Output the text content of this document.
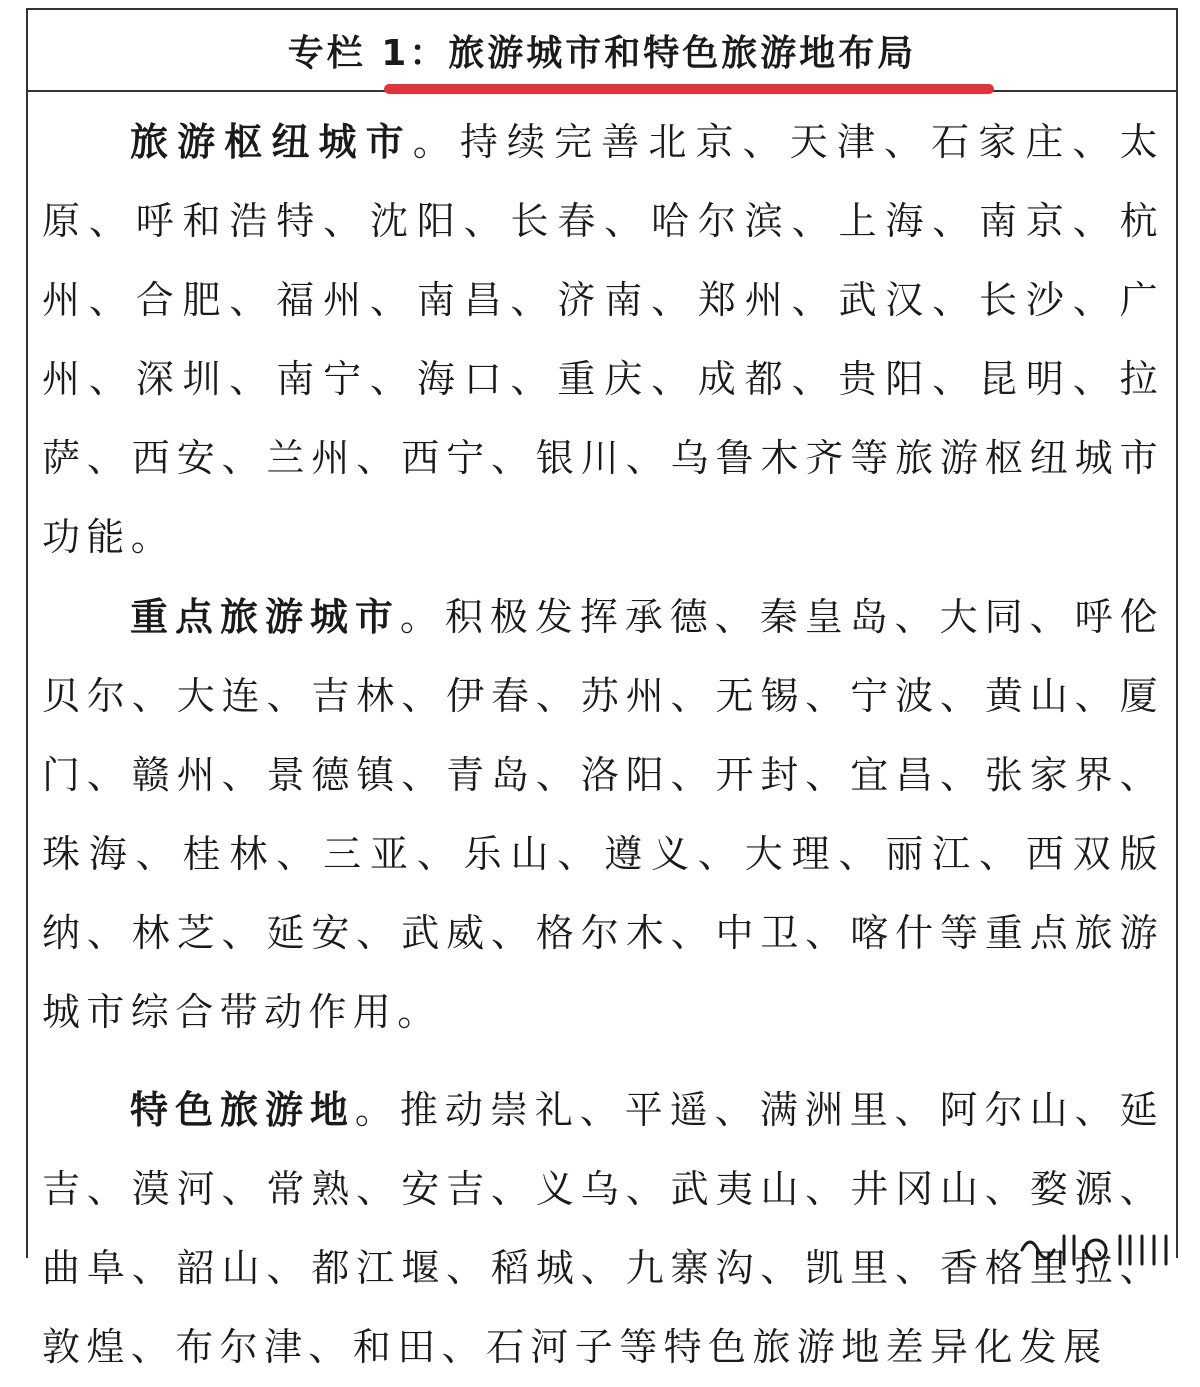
专栏 1：旅游城市和特色旅游地布局

旅游枢纽城市。持续完善北京、天津、石家庄、太原、呼和浩特、沈阳、长春、哈尔滨、上海、南京、杭州、合肥、福州、南昌、济南、郑州、武汉、长沙、广州、深圳、南宁、海口、重庆、成都、贵阳、昆明、拉萨、西安、兰州、西宁、银川、乌鲁木齐等旅游枢纽城市功能。

重点旅游城市。积极发挥承德、秦皇岛、大同、呼伦贝尔、大连、吉林、伊春、苏州、无锡、宁波、黄山、厦门、赣州、景德镇、青岛、洛阳、开封、宜昌、张家界、珠海、桂林、三亚、乐山、遵义、大理、丽江、西双版纳、林芝、延安、武威、格尔木、中卫、喀什等重点旅游城市综合带动作用。

特色旅游地。推动崇礼、平遥、满洲里、阿尔山、延吉、漠河、常熟、安吉、义乌、武夷山、井冈山、婺源、曲阜、韶山、都江堰、稻城、九寨沟、凯里、香格里拉、敦煌、布尔津、和田、石河子等特色旅游地差异化发展
